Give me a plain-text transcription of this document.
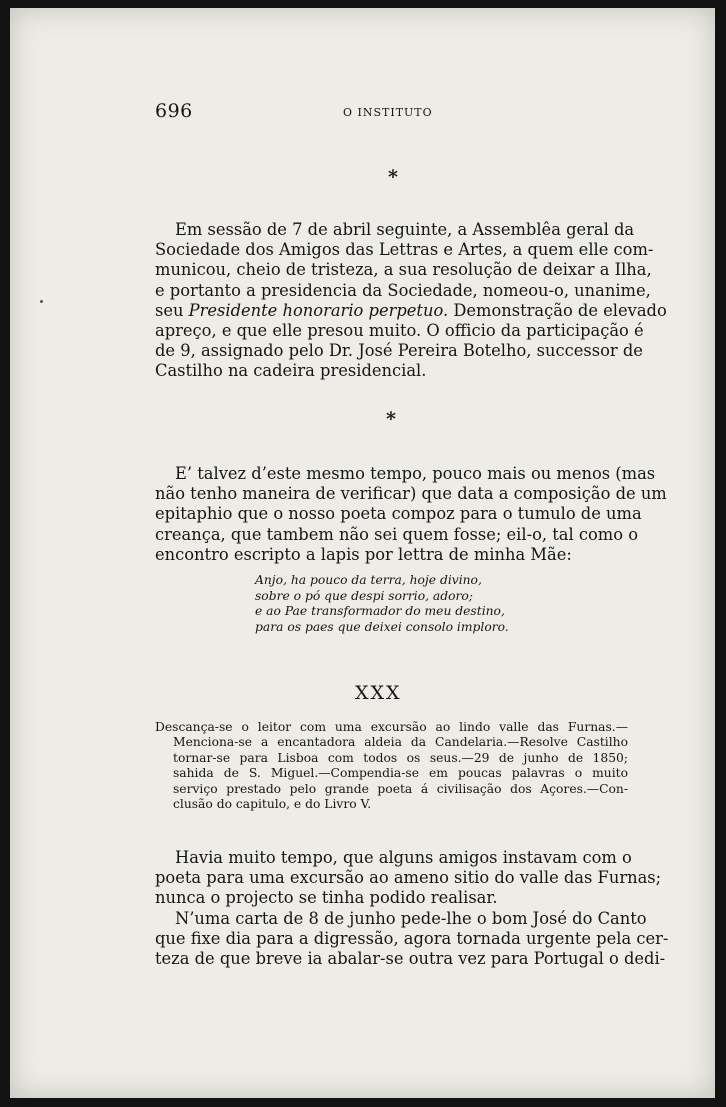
696	O INSTITUTO
*
Em sessão de 7 de abril seguinte, a Assemblêa geral da
Sociedade dos Amigos das Lettras e Artes, a quem elle com-
municou, cheio de tristeza, a sua resolução de deixar a Ilha,
e portanto a presidencia da Sociedade, nomeou-o, unanime,
seu Presidente honorario perpetuo. Demonstração de elevado
apreço, e que elle presou muito. O officio da participação é
de 9, assignado pelo Dr. José Pereira Botelho, successor de
Castilho na cadeira presidencial.
*
E’ talvez d’este mesmo tempo, pouco mais ou menos (mas
não tenho maneira de verificar) que data a composição de um
epitaphio que o nosso poeta compoz para o tumulo de uma
creança, que tambem não sei quem fosse; eil-o, tal como o
encontro escripto a lapis por lettra de minha Mãe:
Anjo, ha pouco da terra, hoje divino,
sobre o pó que despi sorrio, adoro;
e ao Pae transformador do meu destino,
para os paes que deixei consolo imploro.
XXX
Descança-se o leitor com uma excursão ao lindo valle das Furnas.—
Menciona-se a encantadora aldeia da Candelaria.—Resolve Castilho
tornar-se para Lisboa com todos os seus.—29 de junho de 1850;
sahida de S. Miguel.—Compendia-se em poucas palavras o muito
serviço prestado pelo grande poeta á civilisação dos Açores.—Con-
clusão do capitulo, e do Livro V.
Havia muito tempo, que alguns amigos instavam com o
poeta para uma excursão ao ameno sitio do valle das Furnas;
nunca o projecto se tinha podido realisar.
N’uma carta de 8 de junho pede-lhe o bom José do Canto
que fixe dia para a digressão, agora tornada urgente pela cer-
teza de que breve ia abalar-se outra vez para Portugal o dedi-
